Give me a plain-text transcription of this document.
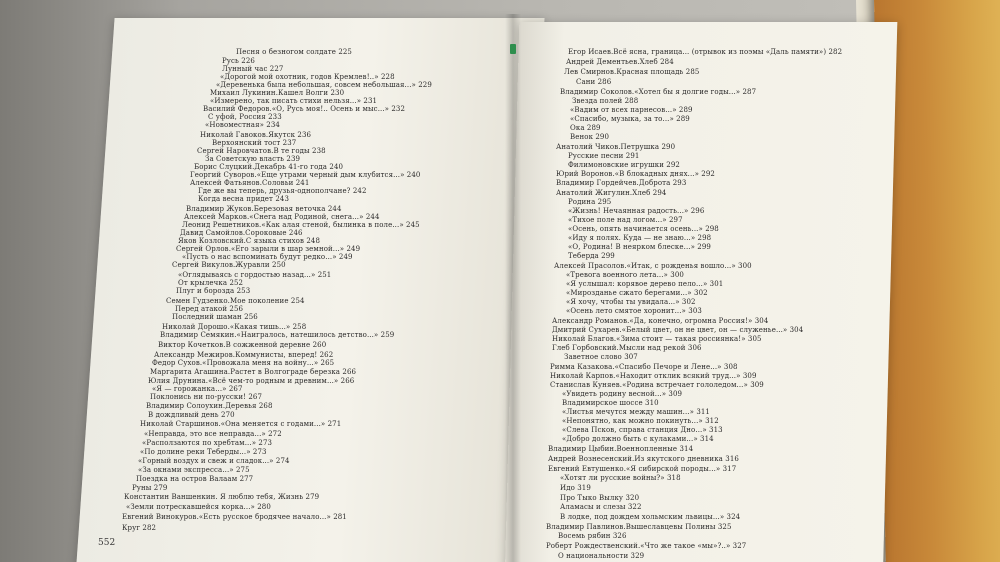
Песня о безногом солдате 225
Русь 226
Лунный час 227
«Дорогой мой охотник, годов Кремлев!..» 228
«Деревенька была небольшая, совсем небольшая...» 229
Михаил Лукинин.Кашел Волги 230
«Измерено, так писать стихи нельзя...» 231
Василий Федоров.«О, Русь моя!.. Осень и мыс...» 232
С уфой, Россия 233
«Новоместная» 234
Николай Гавоков.Якутск 236
Верхоянский тост 237
Сергей Наровчатов.В те годы 238
За Советскую власть 239
Борис Слуцкий.Декабрь 41-го года 240
Георгий Суворов.«Еще утрами черный дым клубится...» 240
Алексей Фатьянов.Соловьи 241
Где же вы теперь, друзья-однополчане? 242
Когда весна придет 243
Владимир Жуков.Березовая веточка 244
Алексей Марков.«Снега над Родиной, снега...» 244
Леонид Решетников.«Как алая стеной, былинка в поле...» 245
Давид Самойлов.Сороковые 246
Яков Козловский.С языка стихов 248
Сергей Орлов.«Его зарыли в шар земной...» 249
«Пусть о нас вспоминать будут редко...» 249
Сергей Викулов.Журавли 250
«Оглядываясь с гордостью назад...» 251
От крылечка 252
Плуг и борозда 253
Семен Гудзенко.Мое поколение 254
Перед атакой 256
Последний шаман 256
Николай Дорошо.«Какая тишь...» 258
Владимир Семякин.«Наигралось, натешилось детство...» 259
Виктор Кочетков.В сожженной деревне 260
Александр Межиров.Коммунисты, вперед! 262
Федор Сухов.«Провожала меня на войну...» 265
Маргарита Агашина.Растет в Волгограде березка 266
Юлия Друнина.«Всё чем-то родным и древним...» 266
«Я — горожанка...» 267
Поклонись ни по-русски! 267
Владимир Солоухин.Деревья 268
В дождливый день 270
Николай Старшинов.«Она меняется с годами...» 271
«Неправда, это все неправда...» 272
«Расползаются по хребтам...» 273
«По долине реки Теберды...» 273
«Горный воздух и свеж и сладок...» 274
«За окнами экспресса...» 275
Поездка на остров Валаам 277
Руны 279
Константин Ваншенкин. Я люблю тебя, Жизнь 279
«Земли потрескавшейся корка...» 280
Евгений Винокуров.«Есть русское бродячее начало...» 281
Круг 282
Егор Исаев.Всё ясна, граница... (отрывок из поэмы «Даль памяти») 282
Андрей Дементьев.Хлеб 284
Лев Смирнов.Красная площадь 285
Сани 286
Владимир Соколов.«Хотел бы я долгие годы...» 287
Звезда полей 288
«Вадим от всех парнесов...» 289
«Спасибо, музыка, за то...» 289
Ока 289
Венок 290
Анатолий Чиков.Петрушка 290
Русские песни 291
Филимоновские игрушки 292
Юрий Воронов.«В блокадных днях...» 292
Владимир Гордейчев.Доброта 293
Анатолий Жигулин.Хлеб 294
Родина 295
«Жизнь! Нечаянная радость...» 296
«Тихое поле над логом...» 297
«Осень, опять начинается осень...» 298
«Иду я полях. Куда — не знаю...» 298
«О, Родина! В неярком блеске...» 299
Теберда 299
Алексей Прасолов.«Итак, с рожденья вошло...» 300
«Тревога военного лета...» 300
«Я услышал: корявое дерево пело...» 301
«Мирозданье сжато берегами...» 302
«Я хочу, чтобы ты увидала...» 302
«Осень лето смятое хоронит...» 303
Александр Романов.«Да, конечно, огромна Россия!» 304
Дмитрий Сухарев.«Белый цвет, он не цвет, он — служенье...» 304
Николай Благов.«Зима стоит — такая россиянка!» 305
Глеб Горбовский.Мысли над рекой 306
Заветное слово 307
Римма Казакова.«Спасибо Печоре и Лене...» 308
Николай Карпов.«Находит отклик всякий труд...» 309
Станислав Куняев.«Родина встречает гололедом...» 309
«Увидеть родину весной...» 309
Владимирское шоссе 310
«Листья мечутся между машин...» 311
«Непонятно, как можно покинуть...» 312
«Слева Псков, справа станция Дно...» 313
«Добро должно быть с кулаками...» 314
Владимир Цыбин.Военнопленные 314
Андрей Вознесенский.Из якутского дневника 316
Евгений Евтушенко.«Я сибирской породы...» 317
«Хотят ли русские войны?» 318
Идо 319
Про Тыко Вылку 320
Аламасы и слезы 322
В лодке, под дождем хольмским львицы...» 324
Владимир Павлинов.Вышеславцевы Полины 325
Восемь рябин 326
Роберт Рождественский.«Что же такое «мы»?..» 327
О национальности 329
552
